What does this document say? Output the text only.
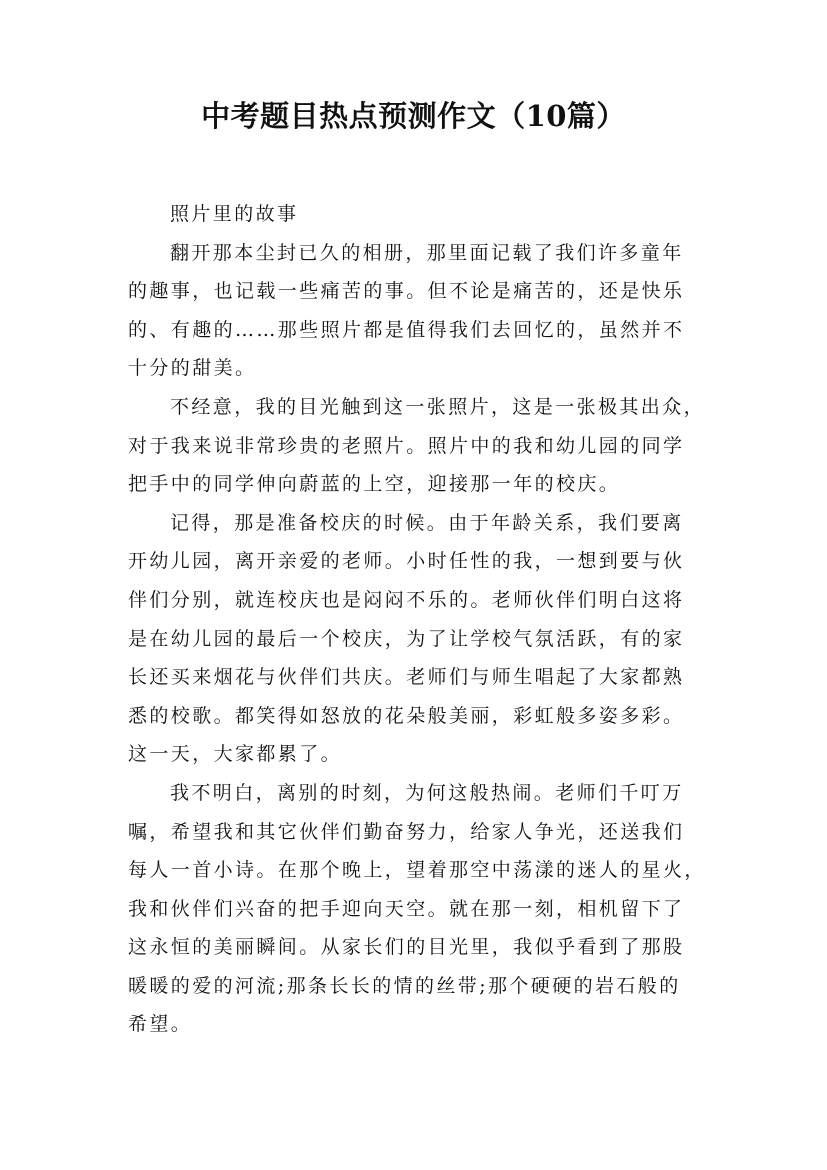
中考题目热点预测作文（10篇）
照片里的故事
翻开那本尘封已久的相册，那里面记载了我们许多童年
的趣事，也记载一些痛苦的事。但不论是痛苦的，还是快乐
的、有趣的……那些照片都是值得我们去回忆的，虽然并不
十分的甜美。
不经意，我的目光触到这一张照片，这是一张极其出众，
对于我来说非常珍贵的老照片。照片中的我和幼儿园的同学
把手中的同学伸向蔚蓝的上空，迎接那一年的校庆。
记得，那是准备校庆的时候。由于年龄关系，我们要离
开幼儿园，离开亲爱的老师。小时任性的我，一想到要与伙
伴们分别，就连校庆也是闷闷不乐的。老师伙伴们明白这将
是在幼儿园的最后一个校庆，为了让学校气氛活跃，有的家
长还买来烟花与伙伴们共庆。老师们与师生唱起了大家都熟
悉的校歌。都笑得如怒放的花朵般美丽，彩虹般多姿多彩。
这一天，大家都累了。
我不明白，离别的时刻，为何这般热闹。老师们千叮万
嘱，希望我和其它伙伴们勤奋努力，给家人争光，还送我们
每人一首小诗。在那个晚上，望着那空中荡漾的迷人的星火，
我和伙伴们兴奋的把手迎向天空。就在那一刻，相机留下了
这永恒的美丽瞬间。从家长们的目光里，我似乎看到了那股
暖暖的爱的河流;那条长长的情的丝带;那个硬硬的岩石般的
希望。
